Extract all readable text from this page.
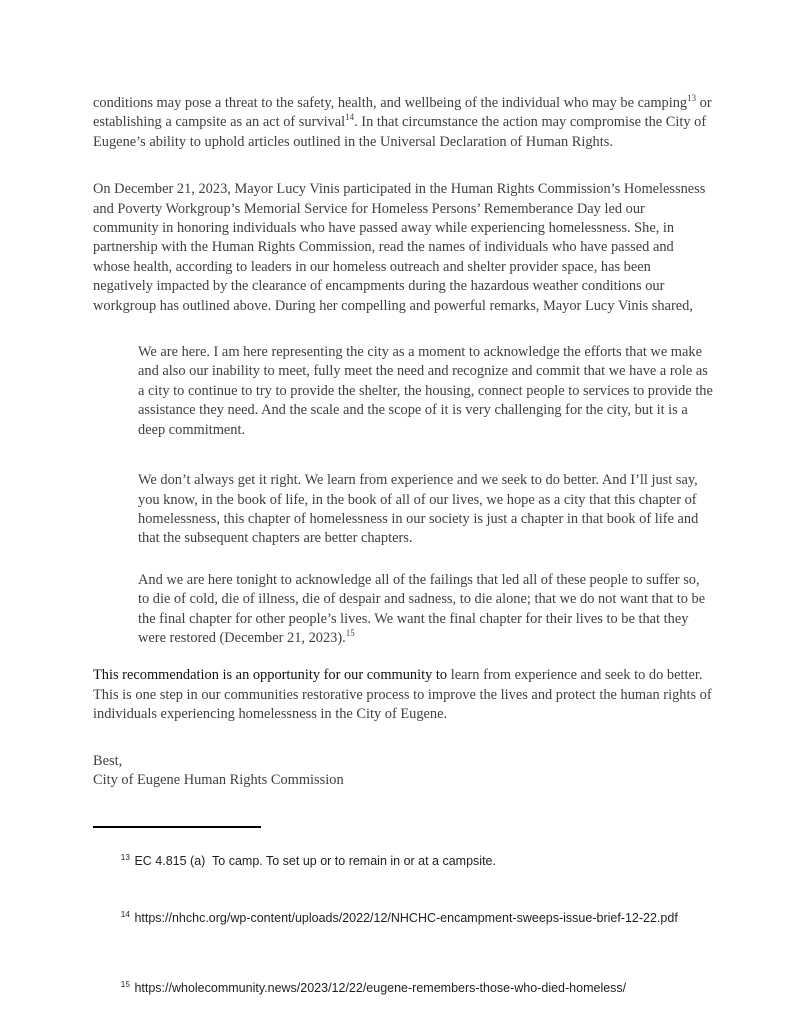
conditions may pose a threat to the safety, health, and wellbeing of the individual who may be camping$^{13}$ or establishing a campsite as an act of survival$^{14}$. In that circumstance the action may compromise the City of Eugene’s ability to uphold articles outlined in the Universal Declaration of Human Rights.
On December 21, 2023, Mayor Lucy Vinis participated in the Human Rights Commission’s Homelessness and Poverty Workgroup’s Memorial Service for Homeless Persons’ Rememberance Day led our community in honoring individuals who have passed away while experiencing homelessness. She, in partnership with the Human Rights Commission, read the names of individuals who have passed and whose health, according to leaders in our homeless outreach and shelter provider space, has been negatively impacted by the clearance of encampments during the hazardous weather conditions our workgroup has outlined above. During her compelling and powerful remarks, Mayor Lucy Vinis shared,
We are here. I am here representing the city as a moment to acknowledge the efforts that we make and also our inability to meet, fully meet the need and recognize and commit that we have a role as a city to continue to try to provide the shelter, the housing, connect people to services to provide the assistance they need. And the scale and the scope of it is very challenging for the city, but it is a deep commitment.
We don’t always get it right. We learn from experience and we seek to do better. And I’ll just say, you know, in the book of life, in the book of all of our lives, we hope as a city that this chapter of homelessness, this chapter of homelessness in our society is just a chapter in that book of life and that the subsequent chapters are better chapters.
And we are here tonight to acknowledge all of the failings that led all of these people to suffer so, to die of cold, die of illness, die of despair and sadness, to die alone; that we do not want that to be the final chapter for other people’s lives. We want the final chapter for their lives to be that they were restored (December 21, 2023).$^{15}$
This recommendation is an opportunity for our community to learn from experience and seek to do better. This is one step in our communities restorative process to improve the lives and protect the human rights of individuals experiencing homelessness in the City of Eugene.
Best,
City of Eugene Human Rights Commission

$^{13}$ EC 4.815 (a)  To camp. To set up or to remain in or at a campsite.

$^{14}$ https://nhchc.org/wp-content/uploads/2022/12/NHCHC-encampment-sweeps-issue-brief-12-22.pdf

$^{15}$ https://wholecommunity.news/2023/12/22/eugene-remembers-those-who-died-homeless/
